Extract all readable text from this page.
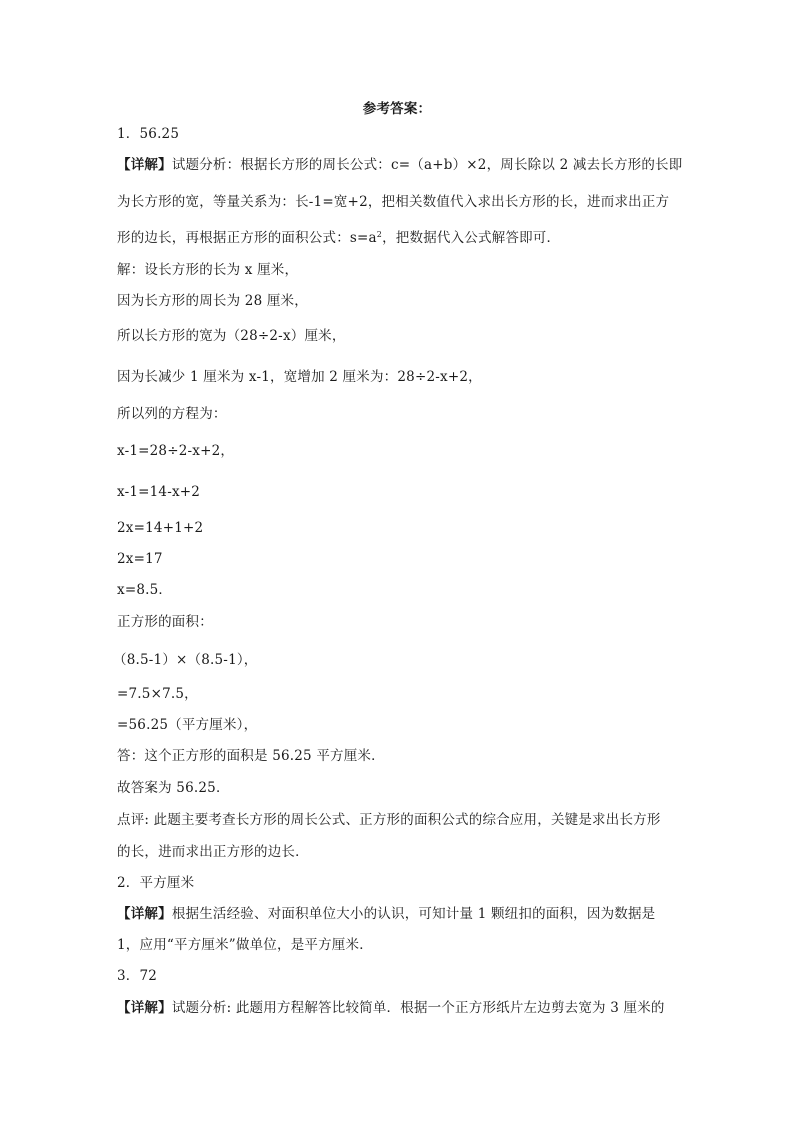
参考答案：

1．56.25

【详解】试题分析：根据长方形的周长公式：c=（a+b）×2，周长除以 2 减去长方形的长即

为长方形的宽，等量关系为：长-1=宽+2，把相关数值代入求出长方形的长，进而求出正方

形的边长，再根据正方形的面积公式：$s=a^2$，把数据代入公式解答即可．

解：设长方形的长为 x 厘米，

因为长方形的周长为 28 厘米，

所以长方形的宽为（28÷2-x）厘米，

因为长减少 1 厘米为 x-1，宽增加 2 厘米为：28÷2-x+2，

所以列的方程为：

x-1=28÷2-x+2，

x-1=14-x+2

2x=14+1+2

2x=17

x=8.5．

正方形的面积：

（8.5-1）×（8.5-1），

=7.5×7.5，

=56.25（平方厘米），

答：这个正方形的面积是 56.25 平方厘米．

故答案为 56.25．

点评: 此题主要考查长方形的周长公式、正方形的面积公式的综合应用，关键是求出长方形

的长，进而求出正方形的边长．

2．平方厘米

【详解】根据生活经验、对面积单位大小的认识，可知计量 1 颗纽扣的面积，因为数据是

1，应用“平方厘米”做单位，是平方厘米．

3．72

【详解】试题分析: 此题用方程解答比较简单．根据一个正方形纸片左边剪去宽为 3 厘米的
